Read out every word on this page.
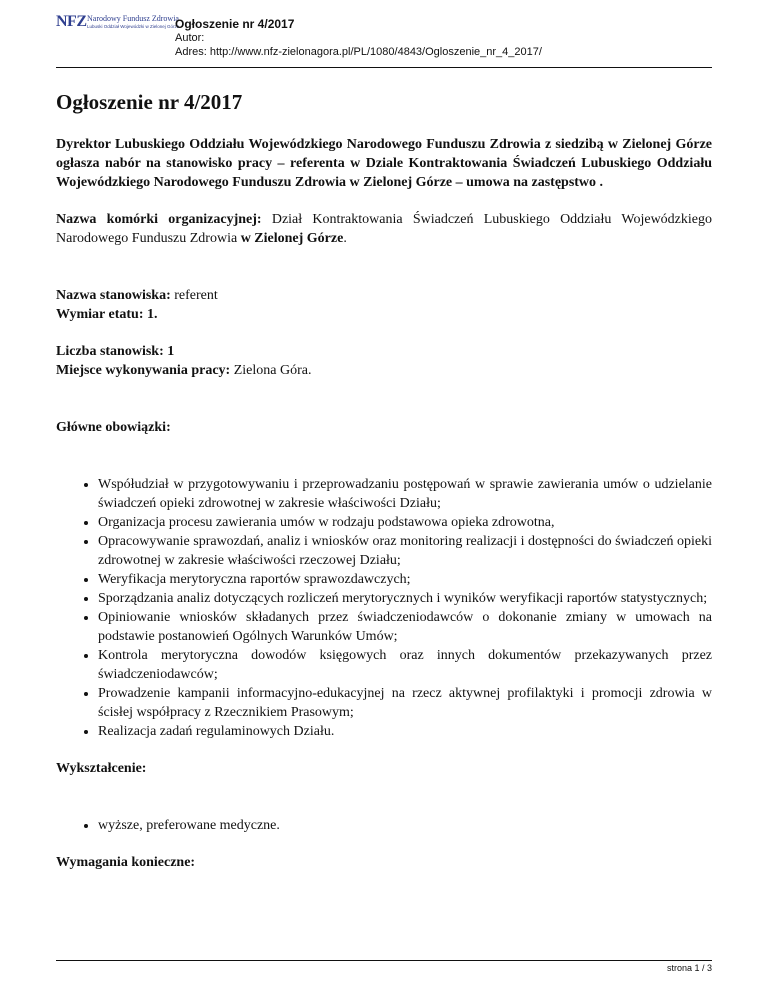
NFZ Narodowy Fundusz Zdrowia
Lubuski Oddział Wojewódzki w Zielonej Górze
Ogłoszenie nr 4/2017
Autor:
Adres: http://www.nfz-zielonagora.pl/PL/1080/4843/Ogloszenie_nr_4_2017/
Ogłoszenie nr 4/2017

Dyrektor Lubuskiego Oddziału Wojewódzkiego Narodowego Funduszu Zdrowia z siedzibą w Zielonej Górze ogłasza nabór na stanowisko pracy – referenta w Dziale Kontraktowania Świadczeń Lubuskiego Oddziału Wojewódzkiego Narodowego Funduszu Zdrowia w Zielonej Górze – umowa na zastępstwo .

Nazwa komórki organizacyjnej: Dział Kontraktowania Świadczeń Lubuskiego Oddziału Wojewódzkiego Narodowego Funduszu Zdrowia w Zielonej Górze.

Nazwa stanowiska: referent

Wymiar etatu: 1.

Liczba stanowisk: 1

Miejsce wykonywania pracy: Zielona Góra.

Główne obowiązki:

• Współudział w przygotowywaniu i przeprowadzaniu postępowań w sprawie zawierania umów o udzielanie świadczeń opieki zdrowotnej w zakresie właściwości Działu;
• Organizacja procesu zawierania umów w rodzaju podstawowa opieka zdrowotna,
• Opracowywanie sprawozdań, analiz i wniosków oraz monitoring realizacji i dostępności do świadczeń opieki zdrowotnej w zakresie właściwości rzeczowej Działu;
• Weryfikacja merytoryczna raportów sprawozdawczych;
• Sporządzania analiz dotyczących rozliczeń merytorycznych i wyników weryfikacji raportów statystycznych;
• Opiniowanie wniosków składanych przez świadczeniodawców o dokonanie zmiany w umowach na podstawie postanowień Ogólnych Warunków Umów;
• Kontrola merytoryczna dowodów księgowych oraz innych dokumentów przekazywanych przez świadczeniodawców;
• Prowadzenie kampanii informacyjno-edukacyjnej na rzecz aktywnej profilaktyki i promocji zdrowia w ścisłej współpracy z Rzecznikiem Prasowym;
• Realizacja zadań regulaminowych Działu.

Wykształcenie:

• wyższe, preferowane medyczne.

Wymagania konieczne:

strona 1 / 3
